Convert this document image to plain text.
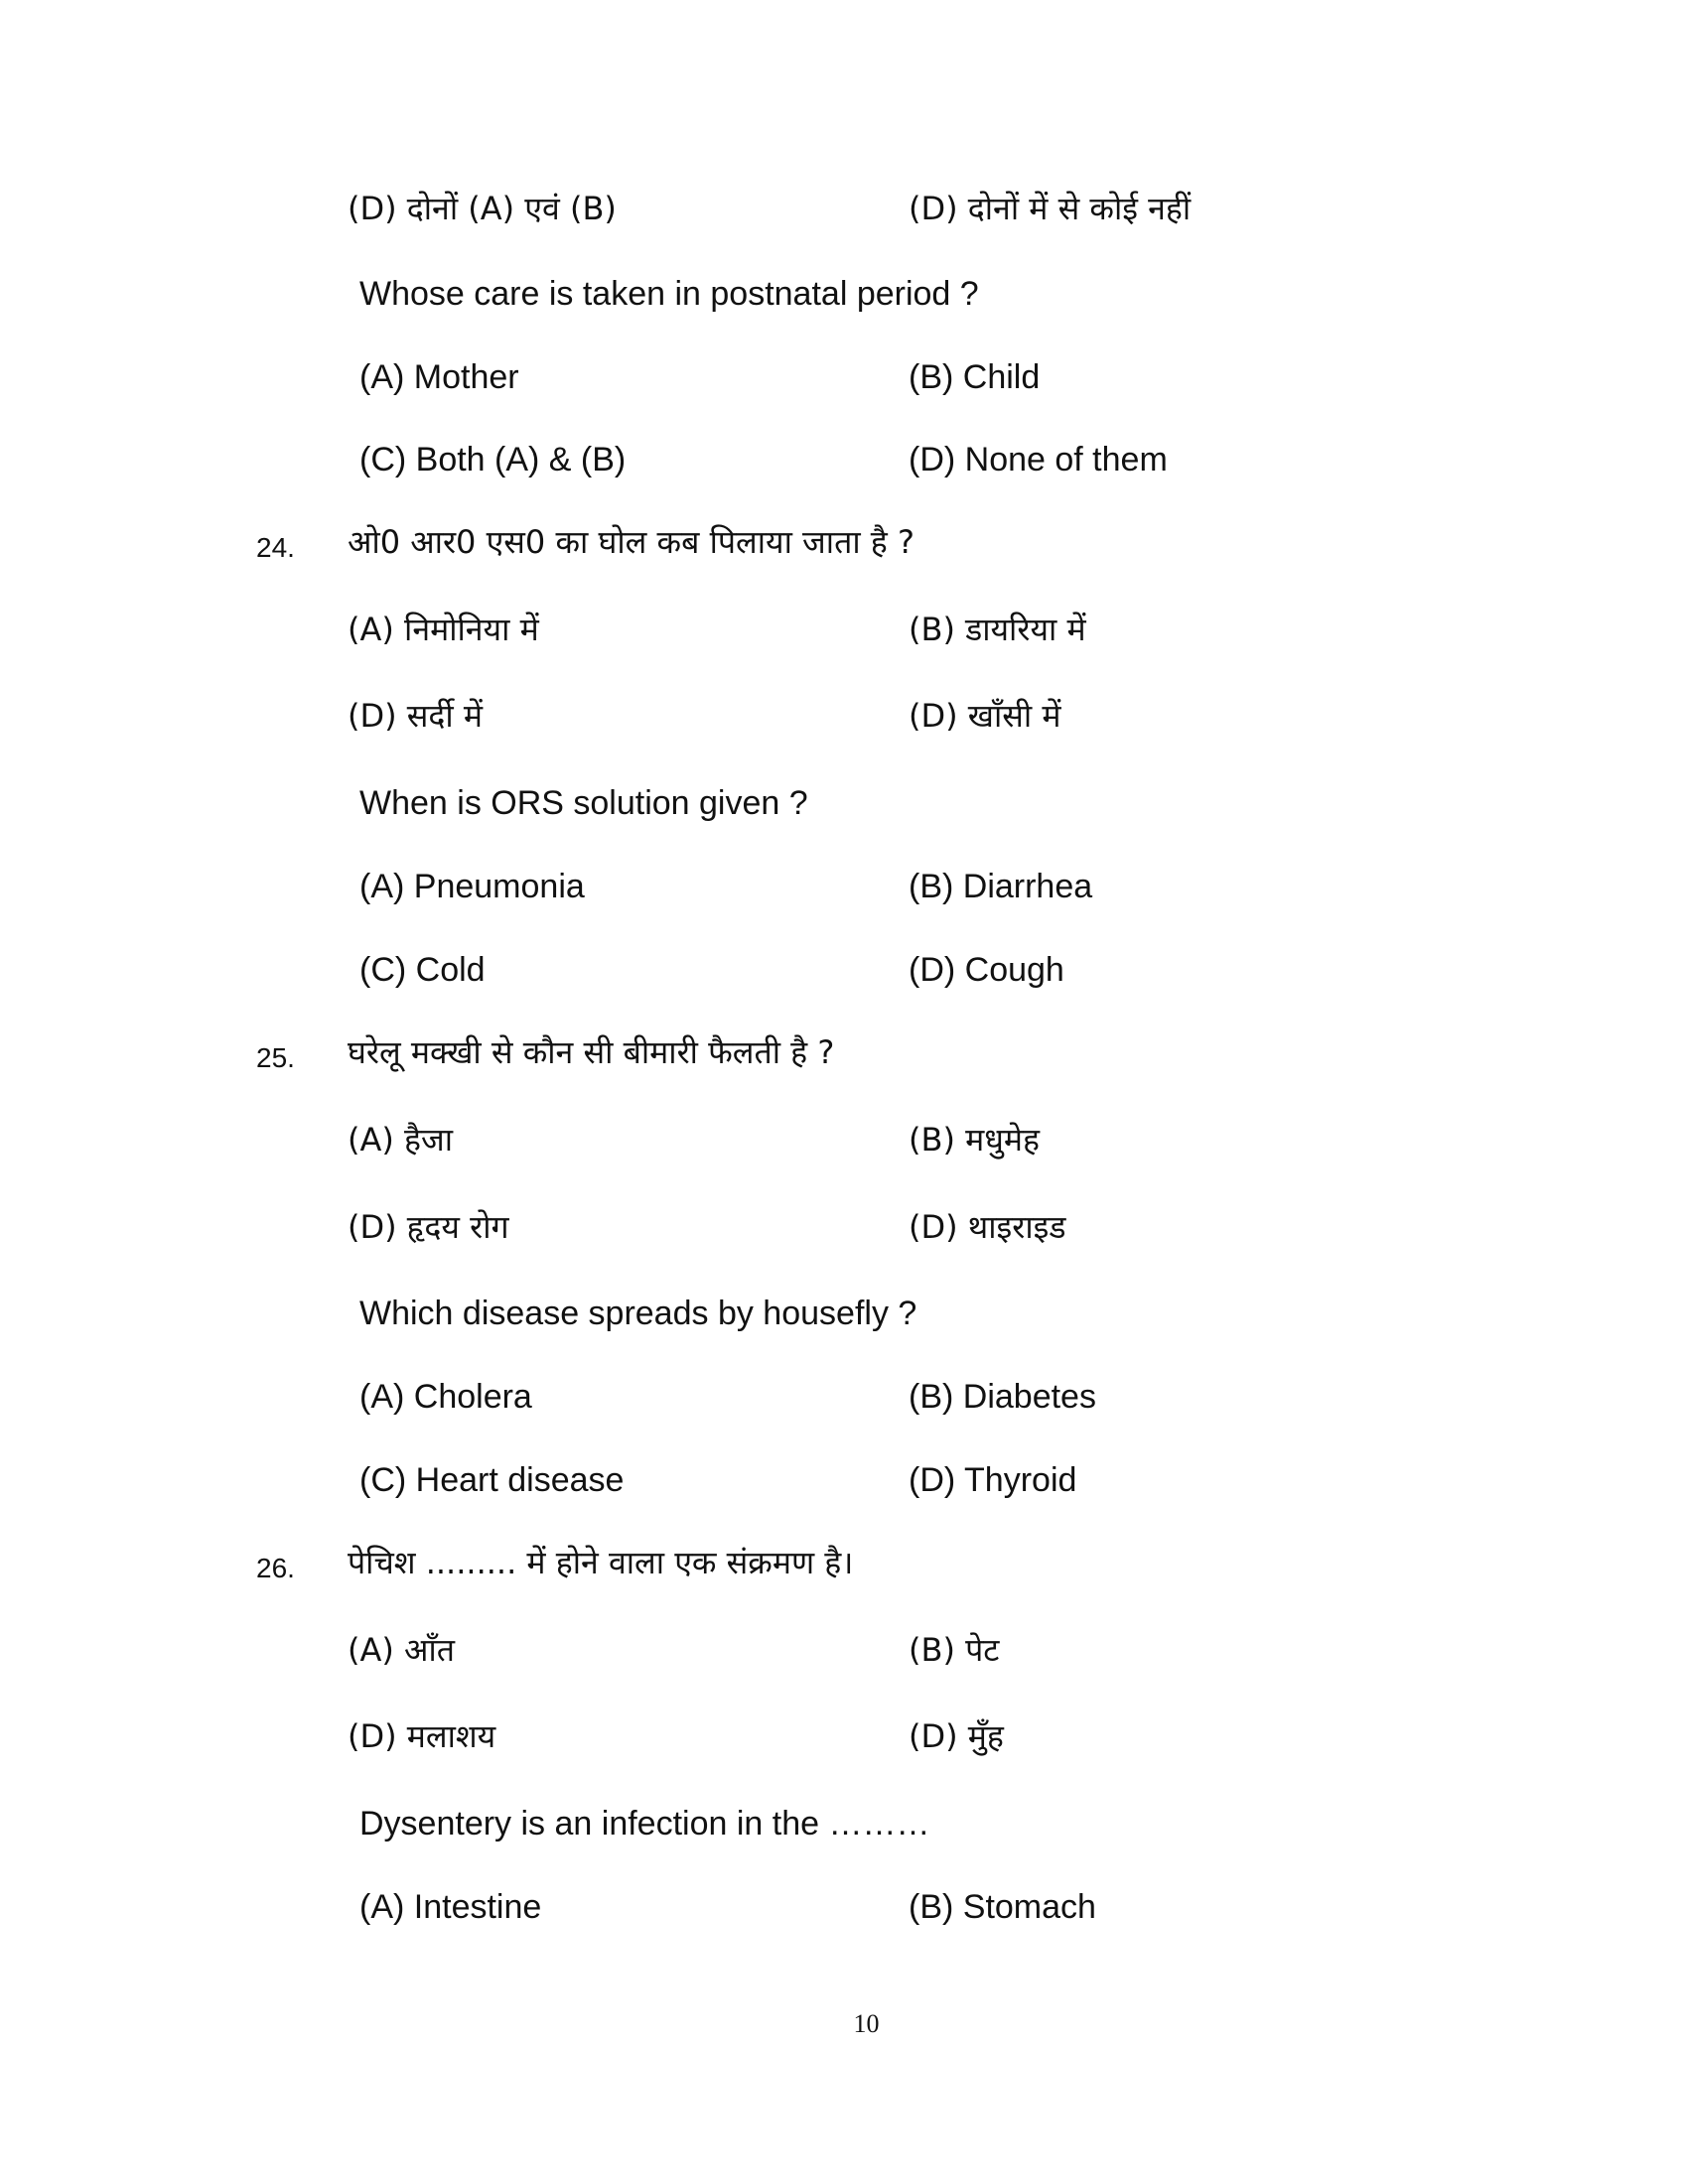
(D) दोनों (A) एवं (B)	(D) दोनों में से कोई नहीं
Whose care is taken in postnatal period ?
(A) Mother	(B) Child
(C) Both (A) & (B)	(D) None of them
24. ओ0 आर0 एस0 का घोल कब पिलाया जाता है ?
(A) निमोनिया में	(B) डायरिया में
(D) सर्दी में	(D) खाँसी में
When is ORS solution given ?
(A) Pneumonia	(B) Diarrhea
(C) Cold	(D) Cough
25. घरेलू मक्खी से कौन सी बीमारी फैलती है ?
(A) हैजा	(B) मधुमेह
(D) हृदय रोग	(D) थाइराइड
Which disease spreads by housefly ?
(A) Cholera	(B) Diabetes
(C) Heart disease	(D) Thyroid
26. पेचिश ......... में होने वाला एक संक्रमण है।
(A) आँत	(B) पेट
(D) मलाशय	(D) मुँह
Dysentery is an infection in the ………
(A) Intestine	(B) Stomach
10
